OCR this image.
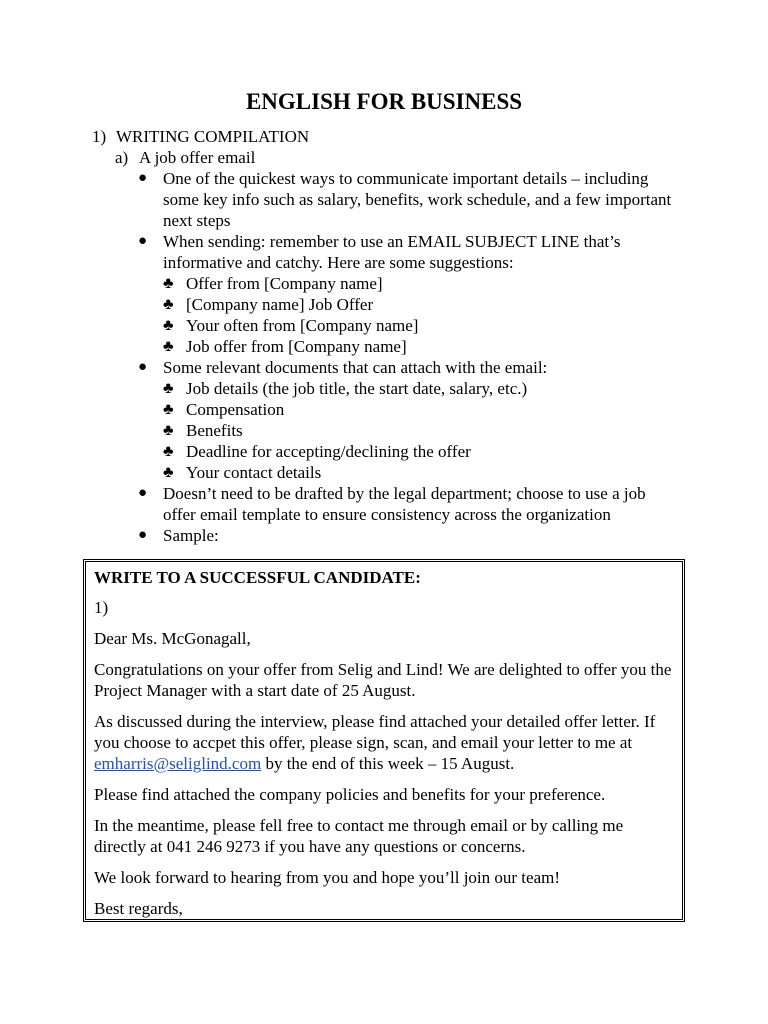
ENGLISH FOR BUSINESS
1) WRITING COMPILATION
a) A job offer email
● One of the quickest ways to communicate important details – including some key info such as salary, benefits, work schedule, and a few important next steps
● When sending: remember to use an EMAIL SUBJECT LINE that’s informative and catchy. Here are some suggestions:
♣ Offer from [Company name]
♣ [Company name] Job Offer
♣ Your often from [Company name]
♣ Job offer from [Company name]
● Some relevant documents that can attach with the email:
♣ Job details (the job title, the start date, salary, etc.)
♣ Compensation
♣ Benefits
♣ Deadline for accepting/declining the offer
♣ Your contact details
● Doesn’t need to be drafted by the legal department; choose to use a job offer email template to ensure consistency across the organization
● Sample:

WRITE TO A SUCCESSFUL CANDIDATE:

1)

Dear Ms. McGonagall,

Congratulations on your offer from Selig and Lind! We are delighted to offer you the Project Manager with a start date of 25 August.

As discussed during the interview, please find attached your detailed offer letter. If you choose to accpet this offer, please sign, scan, and email your letter to me at emharris@seliglind.com by the end of this week – 15 August.

Please find attached the company policies and benefits for your preference.

In the meantime, please fell free to contact me through email or by calling me directly at 041 246 9273 if you have any questions or concerns.

We look forward to hearing from you and hope you’ll join our team!

Best regards,
